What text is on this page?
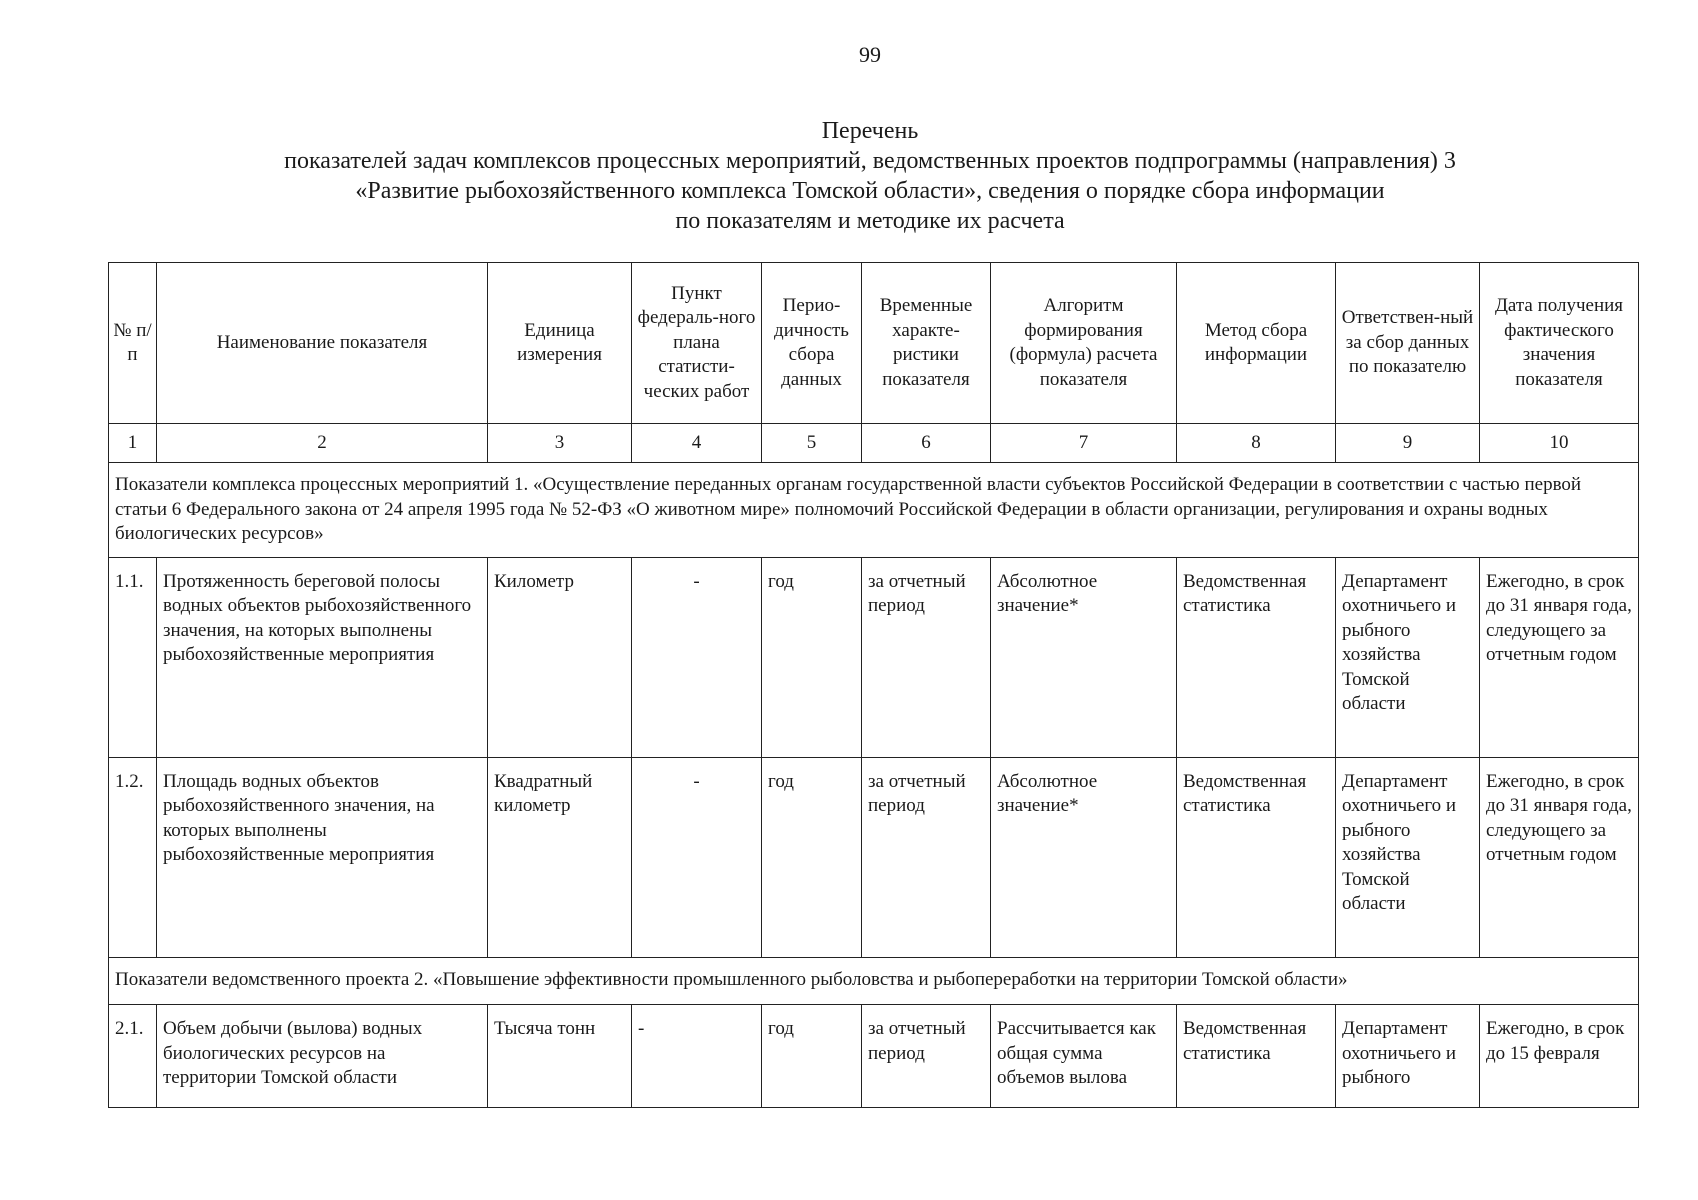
99
Перечень
показателей задач комплексов процессных мероприятий, ведомственных проектов подпрограммы (направления) 3
«Развитие рыбохозяйственного комплекса Томской области», сведения о порядке сбора информации
по показателям и методике их расчета
№ п/п	Наименование показателя	Единица измерения	Пункт федераль-ного плана статисти-ческих работ	Перио-дичность сбора данных	Временные характе-ристики показателя	Алгоритм формирования (формула) расчета показателя	Метод сбора информации	Ответствен-ный за сбор данных по показателю	Дата получения фактического значения показателя
1	2	3	4	5	6	7	8	9	10
Показатели комплекса процессных мероприятий 1. «Осуществление переданных органам государственной власти субъектов Российской Федерации в соответствии с частью первой статьи 6 Федерального закона от 24 апреля 1995 года № 52-ФЗ «О животном мире» полномочий Российской Федерации в области организации, регулирования и охраны водных биологических ресурсов»									
1.1.	Протяженность береговой полосы водных объектов рыбохозяйственного значения, на которых выполнены рыбохозяйственные мероприятия	Километр	-	год	за отчетный период	Абсолютное значение*	Ведомственная статистика	Департамент охотничьего и рыбного хозяйства Томской области	Ежегодно, в срок до 31 января года, следующего за отчетным годом
1.2.	Площадь водных объектов рыбохозяйственного значения, на которых выполнены рыбохозяйственные мероприятия	Квадратный километр	-	год	за отчетный период	Абсолютное значение*	Ведомственная статистика	Департамент охотничьего и рыбного хозяйства Томской области	Ежегодно, в срок до 31 января года, следующего за отчетным годом
Показатели ведомственного проекта 2. «Повышение эффективности промышленного рыболовства и рыбопереработки на территории Томской области»									
2.1.	Объем добычи (вылова) водных биологических ресурсов на территории Томской области	Тысяча тонн	-	год	за отчетный период	Рассчитывается как общая сумма объемов вылова	Ведомственная статистика	Департамент охотничьего и рыбного	Ежегодно, в срок до 15 февраля
